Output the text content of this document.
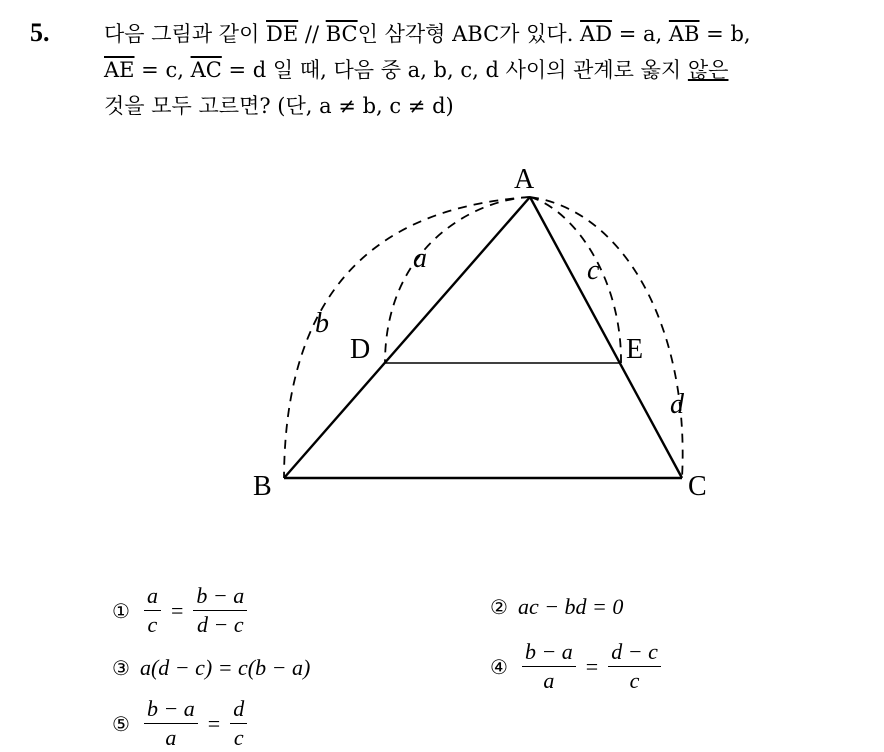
5.	다음 그림과 같이 $\overline{DE} // \overline{BC}$인 삼각형 ABC가 있다. $\overline{AD} = a$, $\overline{AB} = b$,
$\overline{AE} = c$, $\overline{AC} = d$ 일 때, 다음 중 a, b, c, d 사이의 관계로 옳지 않은
것을 모두 고르면? (단, a ≠ b, c ≠ d)
A
B	C
D	E
a
b
c
d
① $\frac{a}{c} = \frac{b - a}{d - c}$	② ac − bd = 0
③ a(d − c) = c(b − a)	④ $\frac{b - a}{a} = \frac{d - c}{c}$
⑤ $\frac{b - a}{a} = \frac{d}{c}$
